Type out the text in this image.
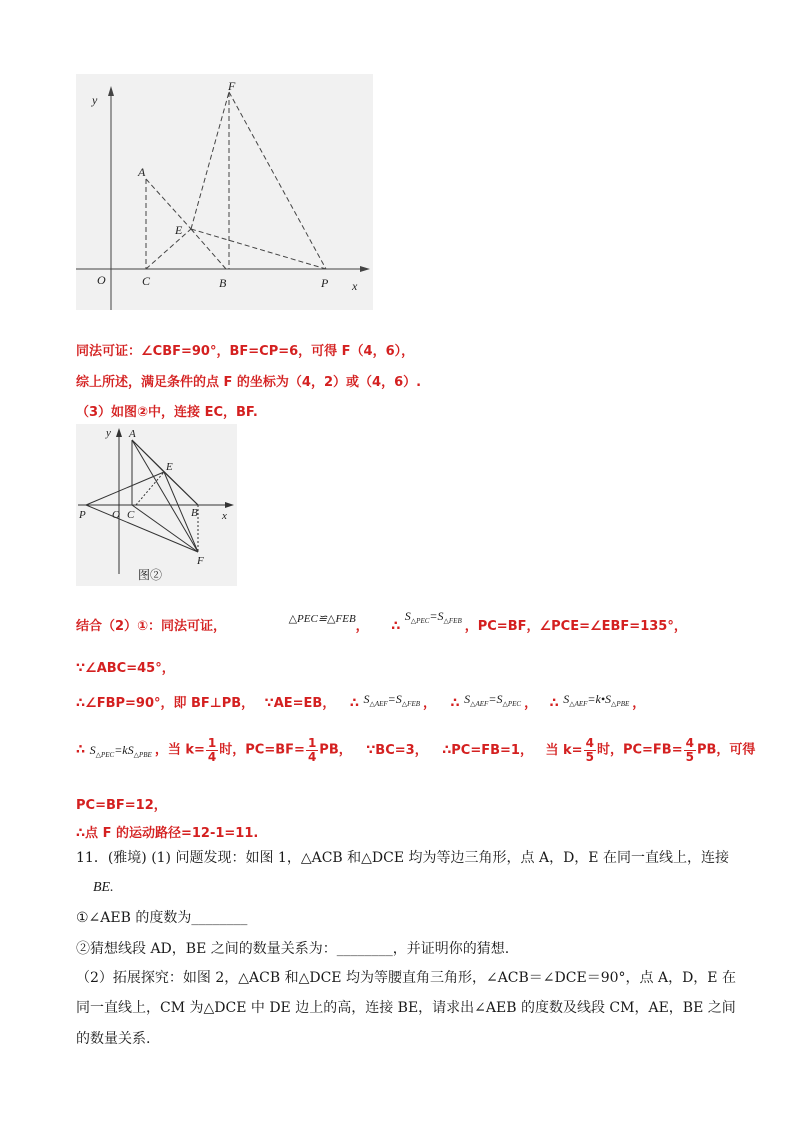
y
F
A
E
O	C	B	P x
同法可证：∠CBF=90°，BF=CP=6，可得 F（4，6），
综上所述，满足条件的点 F 的坐标为（4，2）或（4，6）.
（3）如图②中，连接 EC，BF.
y A
E
P O C	B x
F
图②
结合（2）①：同法可证，	$^{\triangle PEC≌\triangle FEB}$， ∴ $S_{\triangle PEC}=S_{\triangle FEB}$ ，PC=BF，∠PCE=∠EBF=135°，
∵∠ABC=45°，
∴∠FBP=90°，即 BF⊥PB， ∵AE=EB， ∴ $S_{\triangle AEF}=S_{\triangle FEB}$ ， ∴ $S_{\triangle AEF}=S_{\triangle PEC}$ ， ∴ $S_{\triangle AEF}=k•S_{\triangle PBE}$ ，
∴ $S_{\triangle PEC}=kS_{\triangle PBE}$ ，当 $k= \frac{1}{4}$ 时，$PC=BF= \frac{1}{4}$ PB， ∵BC=3， ∴PC=FB=1， 当 $k= \frac{4}{5}$ 时，$PC=FB= \frac{4}{5}$ PB，可得
PC=BF=12，
∴点 F 的运动路径=12-1=11.
11．(雅境) (1) 问题发现：如图 1，△ACB 和△DCE 均为等边三角形，点 A，D，E 在同一直线上，连接
BE.
①∠AEB 的度数为________
②猜想线段 AD，BE 之间的数量关系为：________，并证明你的猜想.
（2）拓展探究：如图 2，△ACB 和△DCE 均为等腰直角三角形，∠ACB＝∠DCE＝90°，点 A，D，E 在
同一直线上，CM 为△DCE 中 DE 边上的高，连接 BE，请求出∠AEB 的度数及线段 CM，AE，BE 之间
的数量关系.
